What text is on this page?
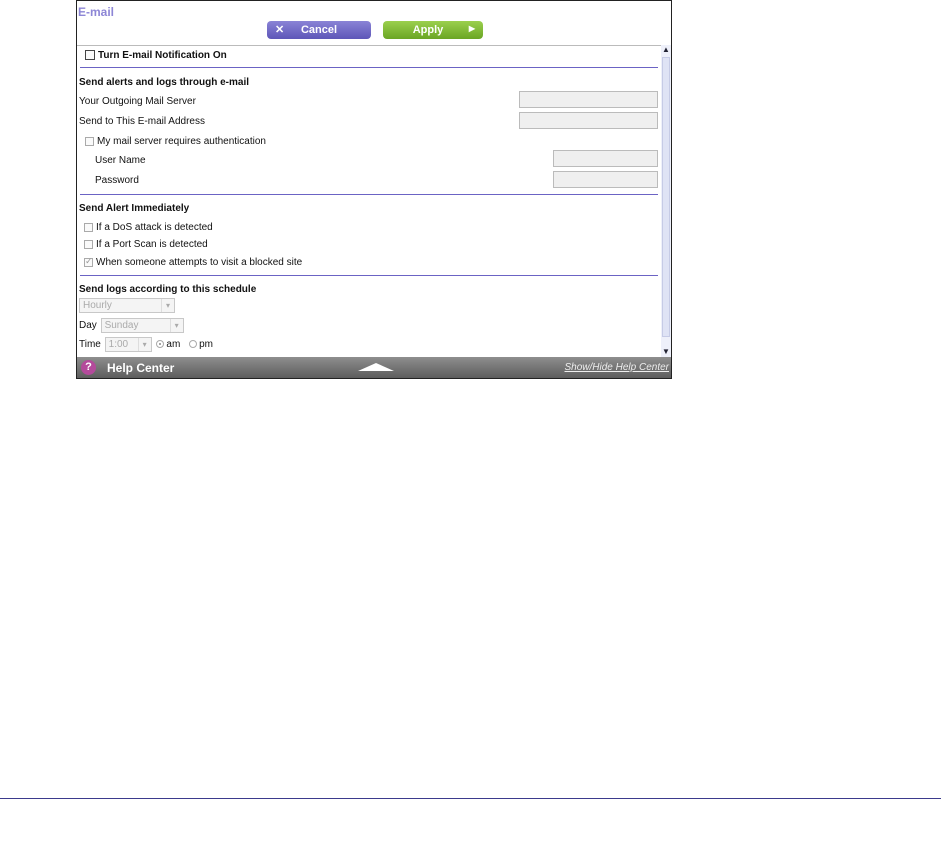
E-mail
✕	Cancel	Apply	▶
Turn E-mail Notification On
Send alerts and logs through e-mail
Your Outgoing Mail Server
Send to This E-mail Address
My mail server requires authentication
User Name
Password
Send Alert Immediately
If a DoS attack is detected
If a Port Scan is detected
✓When someone attempts to visit a blocked site
Send logs according to this schedule
Hourly	▾
Day Sunday	▾
Time 1:00	▾	am pm
▲
▼
?	Help Center	Show/Hide Help Center
